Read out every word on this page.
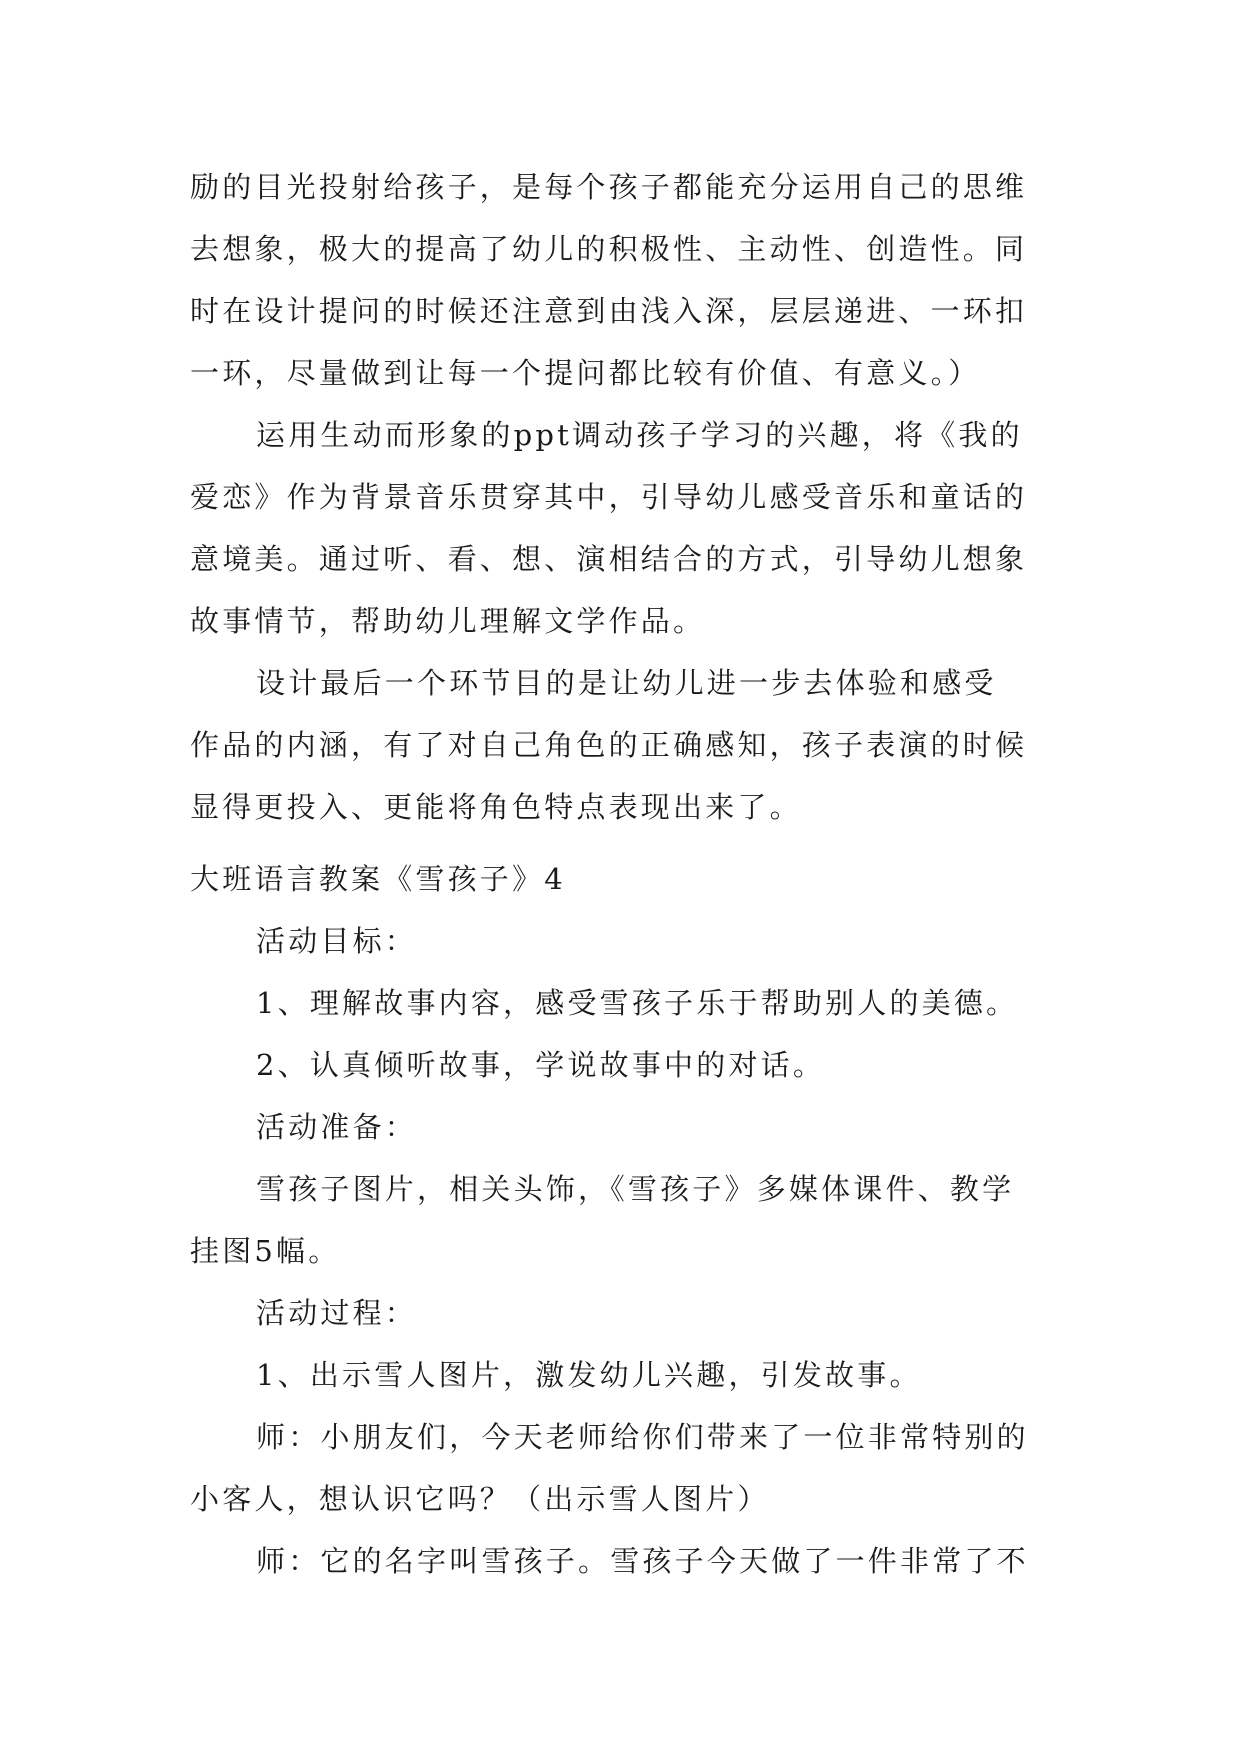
励的目光投射给孩子，是每个孩子都能充分运用自己的思维
去想象，极大的提高了幼儿的积极性、主动性、创造性。同
时在设计提问的时候还注意到由浅入深，层层递进、一环扣
一环，尽量做到让每一个提问都比较有价值、有意义。）
运用生动而形象的ppt调动孩子学习的兴趣，将《我的
爱恋》作为背景音乐贯穿其中，引导幼儿感受音乐和童话的
意境美。通过听、看、想、演相结合的方式，引导幼儿想象
故事情节，帮助幼儿理解文学作品。
设计最后一个环节目的是让幼儿进一步去体验和感受
作品的内涵，有了对自己角色的正确感知，孩子表演的时候
显得更投入、更能将角色特点表现出来了。
大班语言教案《雪孩子》4
活动目标：
1、理解故事内容，感受雪孩子乐于帮助别人的美德。
2、认真倾听故事，学说故事中的对话。
活动准备：
雪孩子图片，相关头饰，《雪孩子》多媒体课件、教学
挂图5幅。
活动过程：
1、出示雪人图片，激发幼儿兴趣，引发故事。
师：小朋友们，今天老师给你们带来了一位非常特别的
小客人，想认识它吗？（出示雪人图片）
师：它的名字叫雪孩子。雪孩子今天做了一件非常了不
